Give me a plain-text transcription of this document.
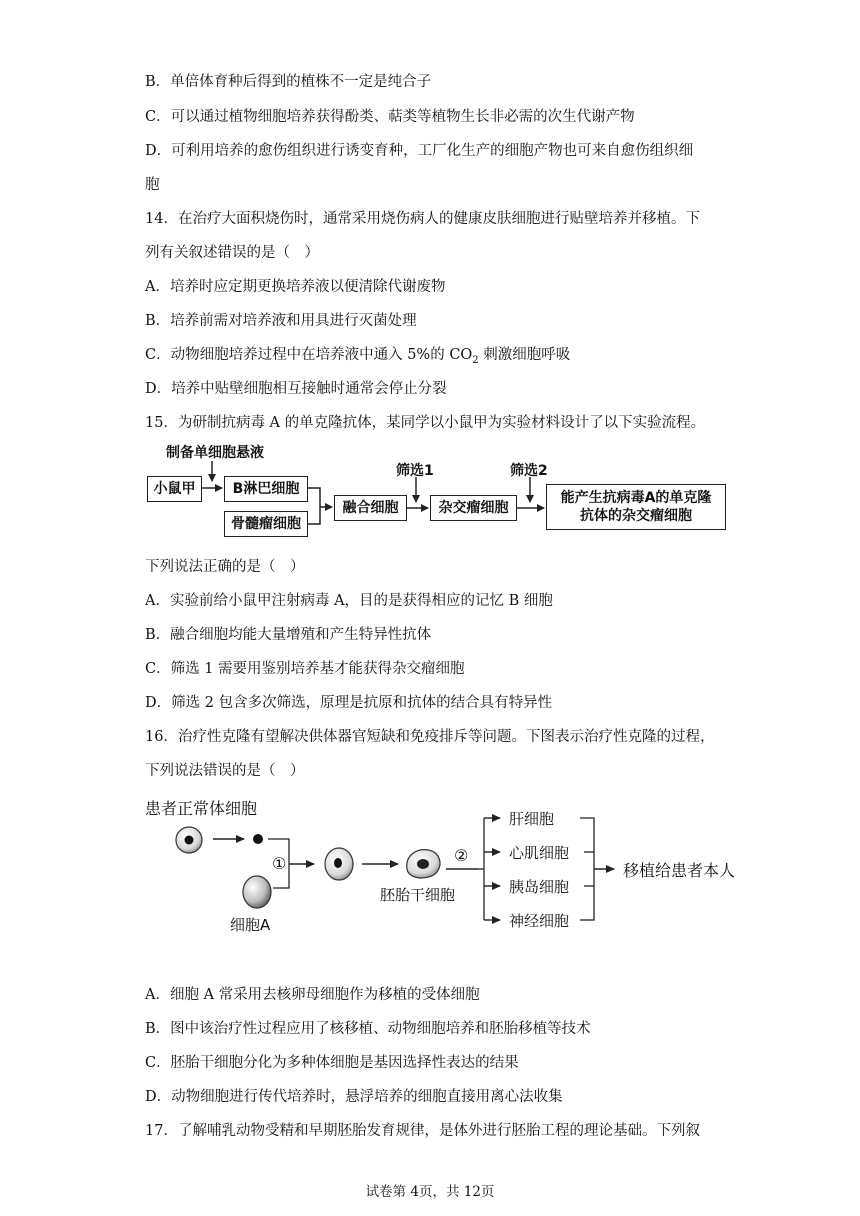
B．单倍体育种后得到的植株不一定是纯合子
C．可以通过植物细胞培养获得酚类、萜类等植物生长非必需的次生代谢产物
D．可利用培养的愈伤组织进行诱变育种，工厂化生产的细胞产物也可来自愈伤组织细
胞
14．在治疗大面积烧伤时，通常采用烧伤病人的健康皮肤细胞进行贴壁培养并移植。下
列有关叙述错误的是（　）
A．培养时应定期更换培养液以便清除代谢废物
B．培养前需对培养液和用具进行灭菌处理
C．动物细胞培养过程中在培养液中通入 5%的 $CO_2$ 刺激细胞呼吸
D．培养中贴壁细胞相互接触时通常会停止分裂
15．为研制抗病毒 A 的单克隆抗体，某同学以小鼠甲为实验材料设计了以下实验流程。
制备单细胞悬液
小鼠甲	B淋巴细胞
骨髓瘤细胞
融合细胞
筛选1
杂交瘤细胞
筛选2
能产生抗病毒A的单克隆
抗体的杂交瘤细胞
下列说法正确的是（　）
A．实验前给小鼠甲注射病毒 A，目的是获得相应的记忆 B 细胞
B．融合细胞均能大量增殖和产生特异性抗体
C．筛选 1 需要用鉴别培养基才能获得杂交瘤细胞
D．筛选 2 包含多次筛选，原理是抗原和抗体的结合具有特异性
16．治疗性克隆有望解决供体器官短缺和免疫排斥等问题。下图表示治疗性克隆的过程，
下列说法错误的是（　）
患者正常体细胞
①	②
细胞A
胚胎干细胞
肝细胞
心肌细胞
胰岛细胞
神经细胞
移植给患者本人
A．细胞 A 常采用去核卵母细胞作为移植的受体细胞
B．图中该治疗性过程应用了核移植、动物细胞培养和胚胎移植等技术
C．胚胎干细胞分化为多种体细胞是基因选择性表达的结果
D．动物细胞进行传代培养时，悬浮培养的细胞直接用离心法收集
17．了解哺乳动物受精和早期胚胎发育规律，是体外进行胚胎工程的理论基础。下列叙
试卷第 4页，共 12页
